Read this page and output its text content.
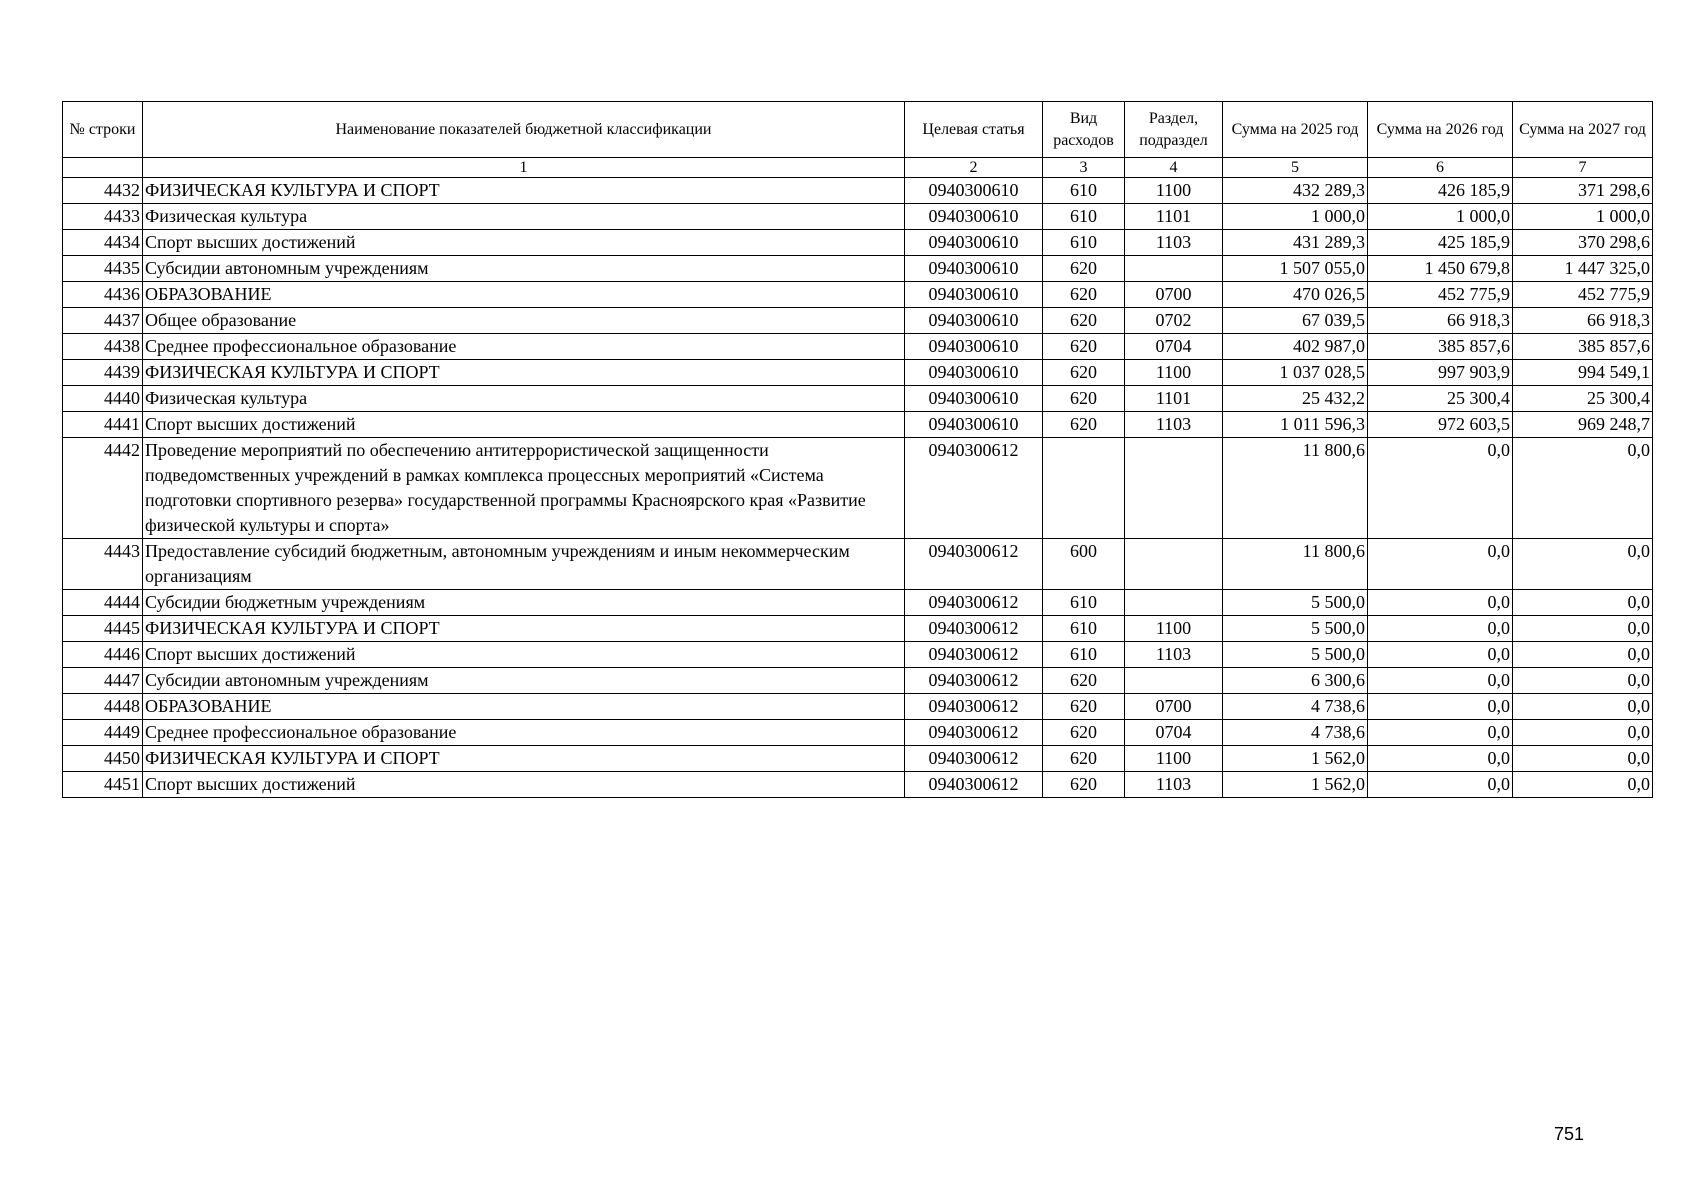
№ строки	Наименование показателей бюджетной классификации	Целевая статья	Вид расходов	Раздел, подраздел	Сумма на 2025 год	Сумма на 2026 год	Сумма на 2027 год
	1	2	3	4	5	6	7
4432	ФИЗИЧЕСКАЯ КУЛЬТУРА И СПОРТ	0940300610	610	1100	432 289,3	426 185,9	371 298,6
4433	Физическая культура	0940300610	610	1101	1 000,0	1 000,0	1 000,0
4434	Спорт высших достижений	0940300610	610	1103	431 289,3	425 185,9	370 298,6
4435	Субсидии автономным учреждениям	0940300610	620		1 507 055,0	1 450 679,8	1 447 325,0
4436	ОБРАЗОВАНИЕ	0940300610	620	0700	470 026,5	452 775,9	452 775,9
4437	Общее образование	0940300610	620	0702	67 039,5	66 918,3	66 918,3
4438	Среднее профессиональное образование	0940300610	620	0704	402 987,0	385 857,6	385 857,6
4439	ФИЗИЧЕСКАЯ КУЛЬТУРА И СПОРТ	0940300610	620	1100	1 037 028,5	997 903,9	994 549,1
4440	Физическая культура	0940300610	620	1101	25 432,2	25 300,4	25 300,4
4441	Спорт высших достижений	0940300610	620	1103	1 011 596,3	972 603,5	969 248,7
4442	Проведение мероприятий по обеспечению антитеррористической защищенности подведомственных учреждений в рамках комплекса процессных мероприятий «Система подготовки спортивного резерва» государственной программы Красноярского края «Развитие физической культуры и спорта»	0940300612			11 800,6	0,0	0,0
4443	Предоставление субсидий бюджетным, автономным учреждениям и иным некоммерческим организациям	0940300612	600		11 800,6	0,0	0,0
4444	Субсидии бюджетным учреждениям	0940300612	610		5 500,0	0,0	0,0
4445	ФИЗИЧЕСКАЯ КУЛЬТУРА И СПОРТ	0940300612	610	1100	5 500,0	0,0	0,0
4446	Спорт высших достижений	0940300612	610	1103	5 500,0	0,0	0,0
4447	Субсидии автономным учреждениям	0940300612	620		6 300,6	0,0	0,0
4448	ОБРАЗОВАНИЕ	0940300612	620	0700	4 738,6	0,0	0,0
4449	Среднее профессиональное образование	0940300612	620	0704	4 738,6	0,0	0,0
4450	ФИЗИЧЕСКАЯ КУЛЬТУРА И СПОРТ	0940300612	620	1100	1 562,0	0,0	0,0
4451	Спорт высших достижений	0940300612	620	1103	1 562,0	0,0	0,0
751
